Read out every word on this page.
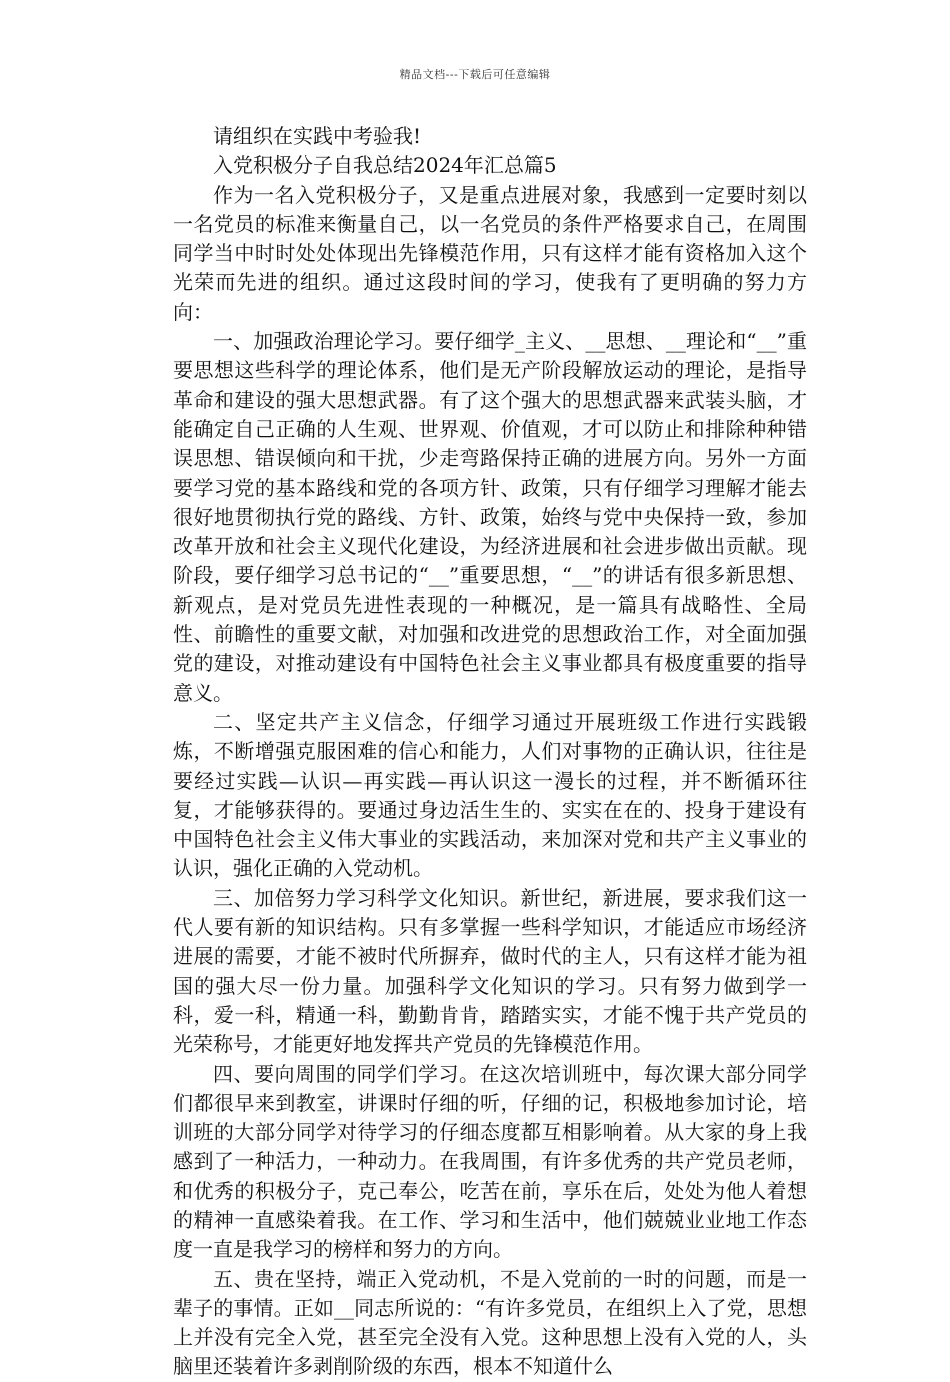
精品文档---下载后可任意编辑

请组织在实践中考验我!

入党积极分子自我总结2024年汇总篇5

作为一名入党积极分子，又是重点进展对象，我感到一定要时刻以一名党员的标准来衡量自己，以一名党员的条件严格要求自己，在周围同学当中时时处处体现出先锋模范作用，只有这样才能有资格加入这个光荣而先进的组织。通过这段时间的学习，使我有了更明确的努力方向：

一、加强政治理论学习。要仔细学_主义、__思想、__理论和“__”重要思想这些科学的理论体系，他们是无产阶段解放运动的理论，是指导革命和建设的强大思想武器。有了这个强大的思想武器来武装头脑，才能确定自己正确的人生观、世界观、价值观，才可以防止和排除种种错误思想、错误倾向和干扰，少走弯路保持正确的进展方向。另外一方面要学习党的基本路线和党的各项方针、政策，只有仔细学习理解才能去很好地贯彻执行党的路线、方针、政策，始终与党中央保持一致，参加改革开放和社会主义现代化建设，为经济进展和社会进步做出贡献。现阶段，要仔细学习总书记的“__”重要思想，“__”的讲话有很多新思想、新观点，是对党员先进性表现的一种概况，是一篇具有战略性、全局性、前瞻性的重要文献，对加强和改进党的思想政治工作，对全面加强党的建设，对推动建设有中国特色社会主义事业都具有极度重要的指导意义。

二、坚定共产主义信念，仔细学习通过开展班级工作进行实践锻炼，不断增强克服困难的信心和能力，人们对事物的正确认识，往往是要经过实践—认识—再实践—再认识这一漫长的过程，并不断循环往复，才能够获得的。要通过身边活生生的、实实在在的、投身于建设有中国特色社会主义伟大事业的实践活动，来加深对党和共产主义事业的认识，强化正确的入党动机。

三、加倍努力学习科学文化知识。新世纪，新进展，要求我们这一代人要有新的知识结构。只有多掌握一些科学知识，才能适应市场经济进展的需要，才能不被时代所摒弃，做时代的主人，只有这样才能为祖国的强大尽一份力量。加强科学文化知识的学习。只有努力做到学一科，爱一科，精通一科，勤勤肯肯，踏踏实实，才能不愧于共产党员的光荣称号，才能更好地发挥共产党员的先锋模范作用。

四、要向周围的同学们学习。在这次培训班中，每次课大部分同学们都很早来到教室，讲课时仔细的听，仔细的记，积极地参加讨论，培训班的大部分同学对待学习的仔细态度都互相影响着。从大家的身上我感到了一种活力，一种动力。在我周围，有许多优秀的共产党员老师，和优秀的积极分子，克己奉公，吃苦在前，享乐在后，处处为他人着想的精神一直感染着我。在工作、学习和生活中，他们兢兢业业地工作态度一直是我学习的榜样和努力的方向。

五、贵在坚持，端正入党动机，不是入党前的一时的问题，而是一辈子的事情。正如__同志所说的：“有许多党员，在组织上入了党，思想上并没有完全入党，甚至完全没有入党。这种思想上没有入党的人，头脑里还装着许多剥削阶级的东西，根本不知道什么
